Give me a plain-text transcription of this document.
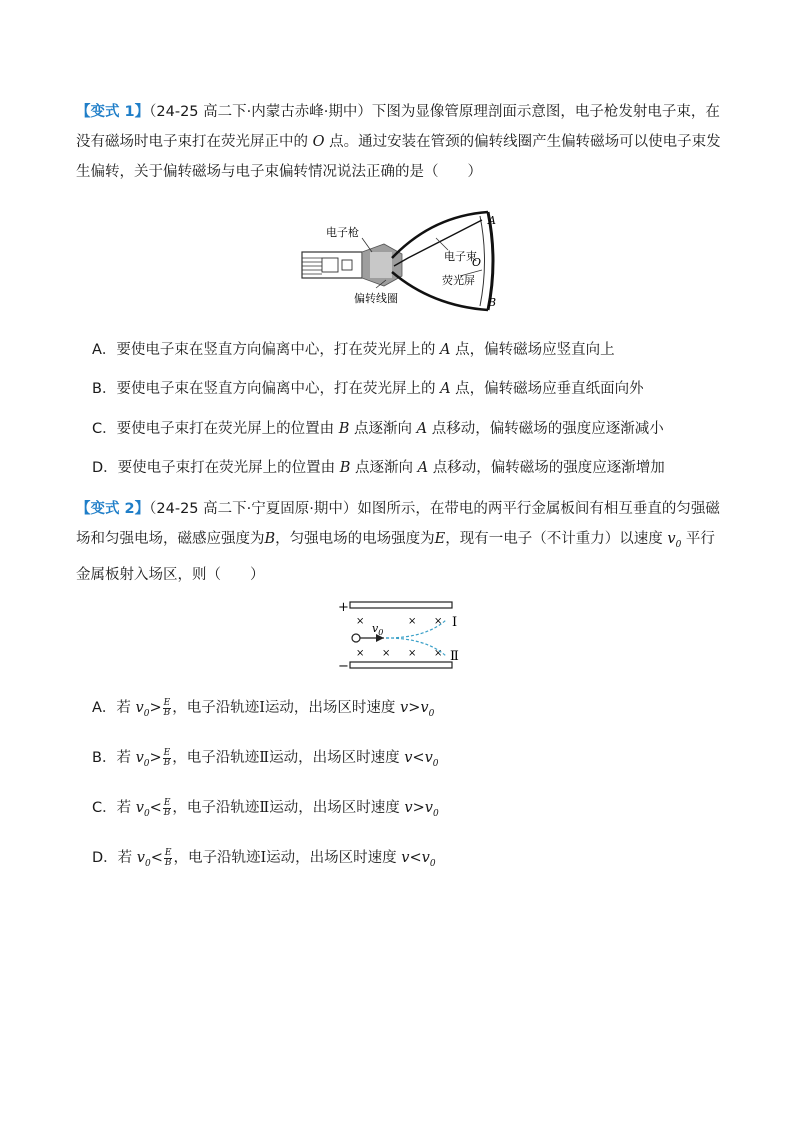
【变式 1】（24-25 高二下·内蒙古赤峰·期中）下图为显像管原理剖面示意图，电子枪发射电子束，在没有磁场时电子束打在荧光屏正中的 O 点。通过安装在管颈的偏转线圈产生偏转磁场可以使电子束发生偏转，关于偏转磁场与电子束偏转情况说法正确的是（　　）
电子枪
偏转线圈
电子束
荧光屏
A
O
B
A．要使电子束在竖直方向偏离中心，打在荧光屏上的 A 点，偏转磁场应竖直向上
B．要使电子束在竖直方向偏离中心，打在荧光屏上的 A 点，偏转磁场应垂直纸面向外
C．要使电子束打在荧光屏上的位置由 B 点逐渐向 A 点移动，偏转磁场的强度应逐渐减小
D．要使电子束打在荧光屏上的位置由 B 点逐渐向 A 点移动，偏转磁场的强度应逐渐增加
【变式 2】（24-25 高二下·宁夏固原·期中）如图所示，在带电的两平行金属板间有相互垂直的匀强磁场和匀强电场，磁感应强度为B，匀强电场的电场强度为E，现有一电子（不计重力）以速度 $v_0$ 平行金属板射入场区，则（　　）
+
−
×	× ×
× × × ×
$v_0$
Ⅰ
Ⅱ
A．若 $v_0> \frac{E}{B}$ ，电子沿轨迹Ⅰ运动，出场区时速度 $v>v_0$
B．若 $v_0> \frac{E}{B}$ ，电子沿轨迹Ⅱ运动，出场区时速度 $v<v_0$
C．若 $v_0< \frac{E}{B}$ ，电子沿轨迹Ⅱ运动，出场区时速度 $v>v_0$
D．若 $v_0< \frac{E}{B}$ ，电子沿轨迹Ⅰ运动，出场区时速度 $v<v_0$
